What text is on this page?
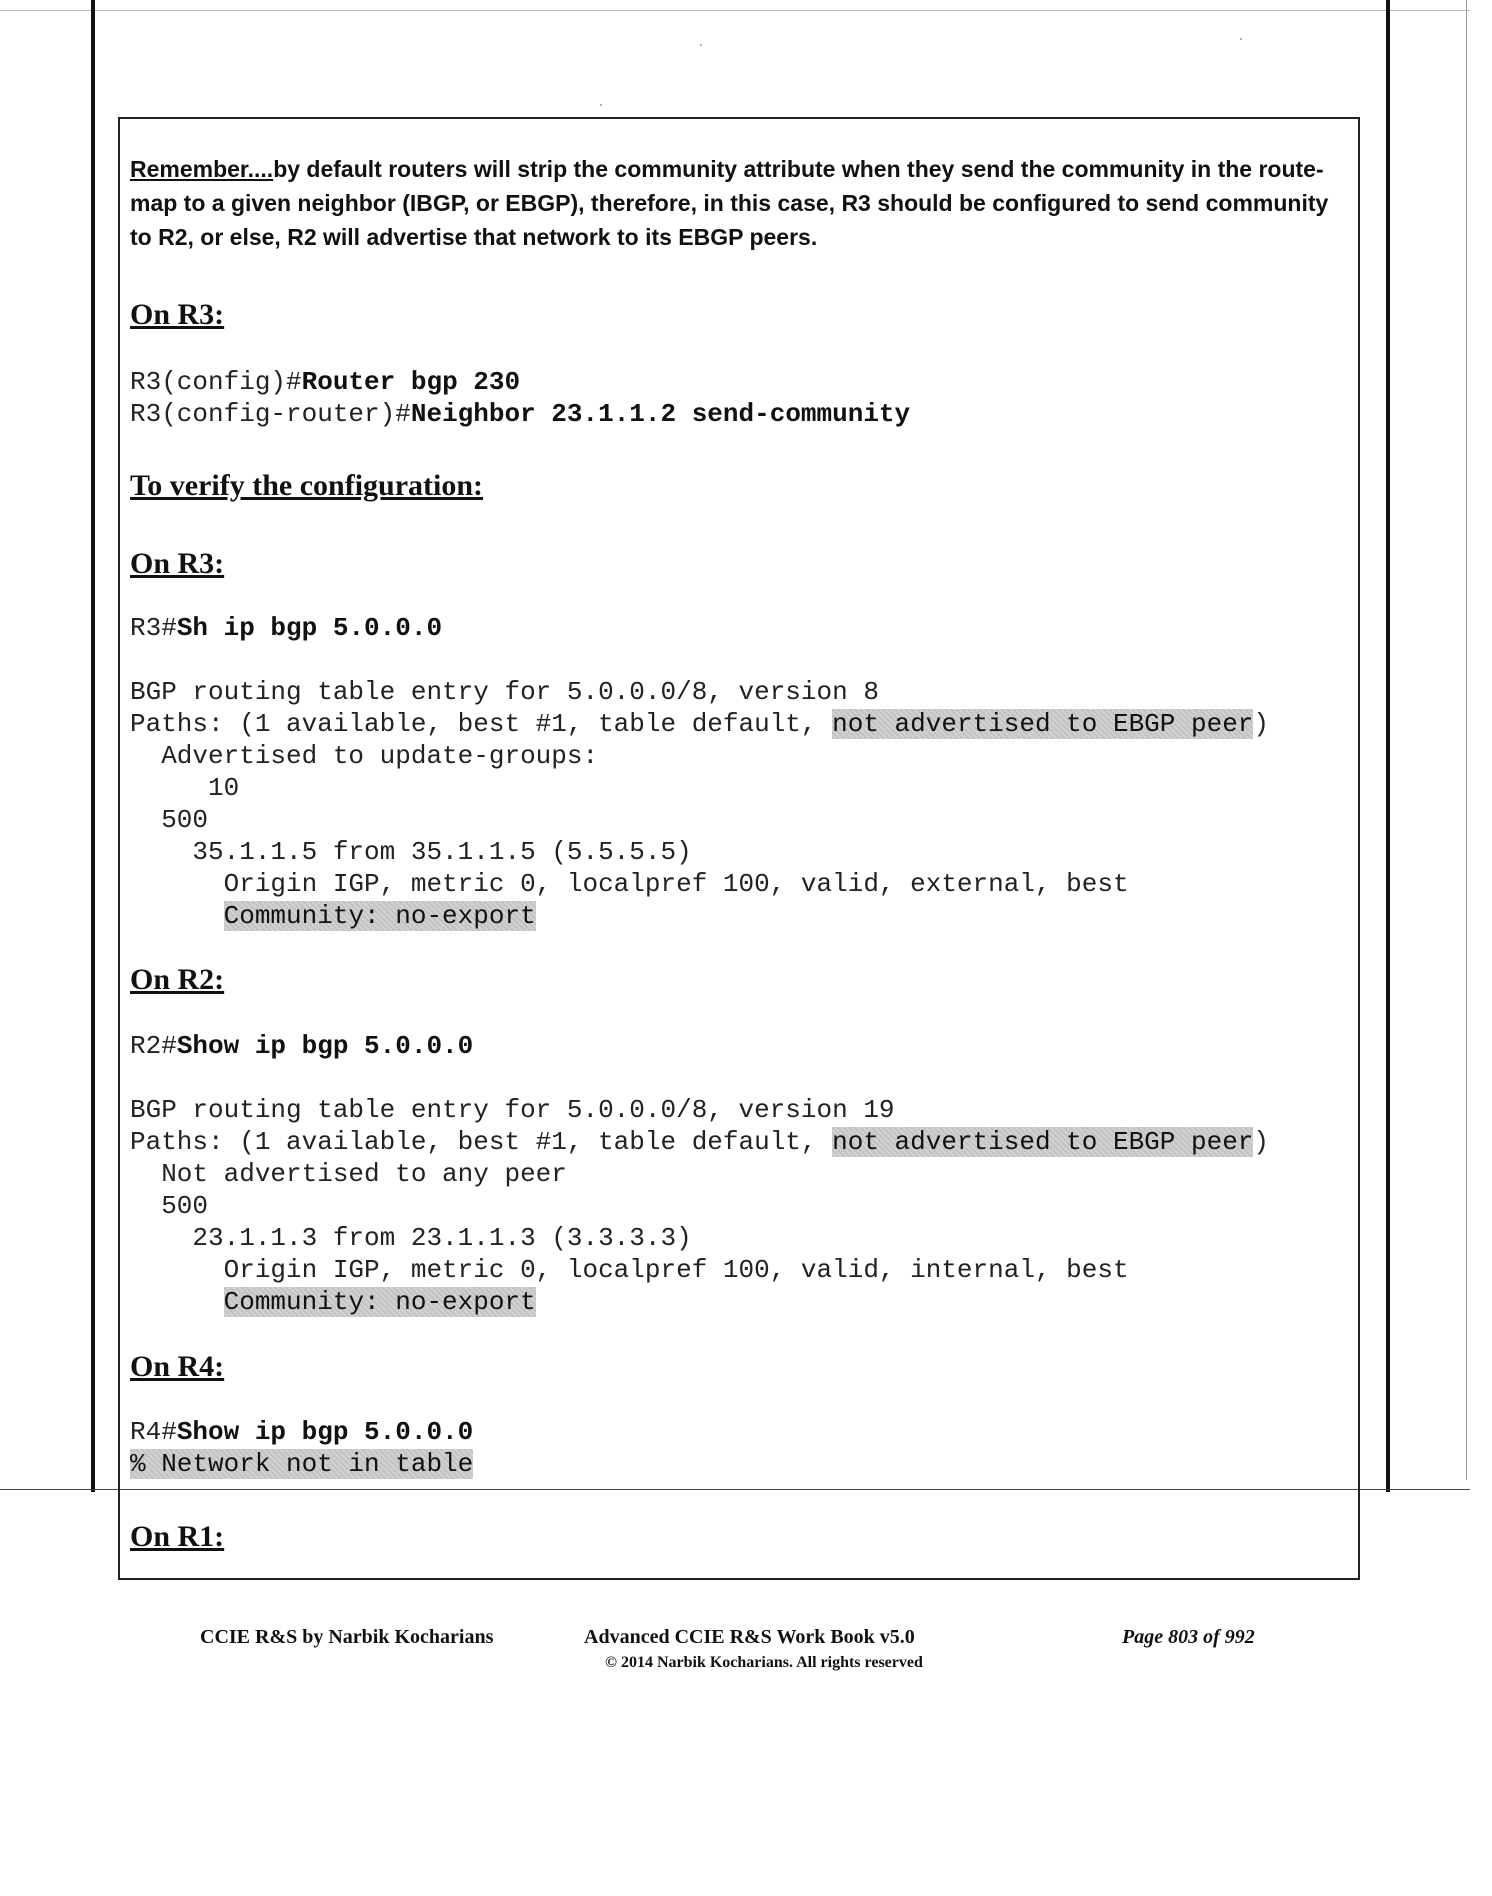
Remember....by default routers will strip the community attribute when they send the community in the route-map to a given neighbor (IBGP, or EBGP), therefore, in this case, R3 should be configured to send community to R2, or else, R2 will advertise that network to its EBGP peers.
On R3:
R3(config)#Router bgp 230
R3(config-router)#Neighbor 23.1.1.2 send-community
To verify the configuration:
On R3:
R3#Sh ip bgp 5.0.0.0

BGP routing table entry for 5.0.0.0/8, version 8
Paths: (1 available, best #1, table default, not advertised to EBGP peer)
Advertised to update-groups:
10
500
35.1.1.5 from 35.1.1.5 (5.5.5.5)
Origin IGP, metric 0, localpref 100, valid, external, best
Community: no-export
On R2:
R2#Show ip bgp 5.0.0.0

BGP routing table entry for 5.0.0.0/8, version 19
Paths: (1 available, best #1, table default, not advertised to EBGP peer)
Not advertised to any peer
500
23.1.1.3 from 23.1.1.3 (3.3.3.3)
Origin IGP, metric 0, localpref 100, valid, internal, best
Community: no-export
On R4:
R4#Show ip bgp 5.0.0.0
% Network not in table
On R1:
CCIE R&S by Narbik Kocharians	Advanced CCIE R&S Work Book v5.0
© 2014 Narbik Kocharians. All rights reserved
Page 803 of 992
